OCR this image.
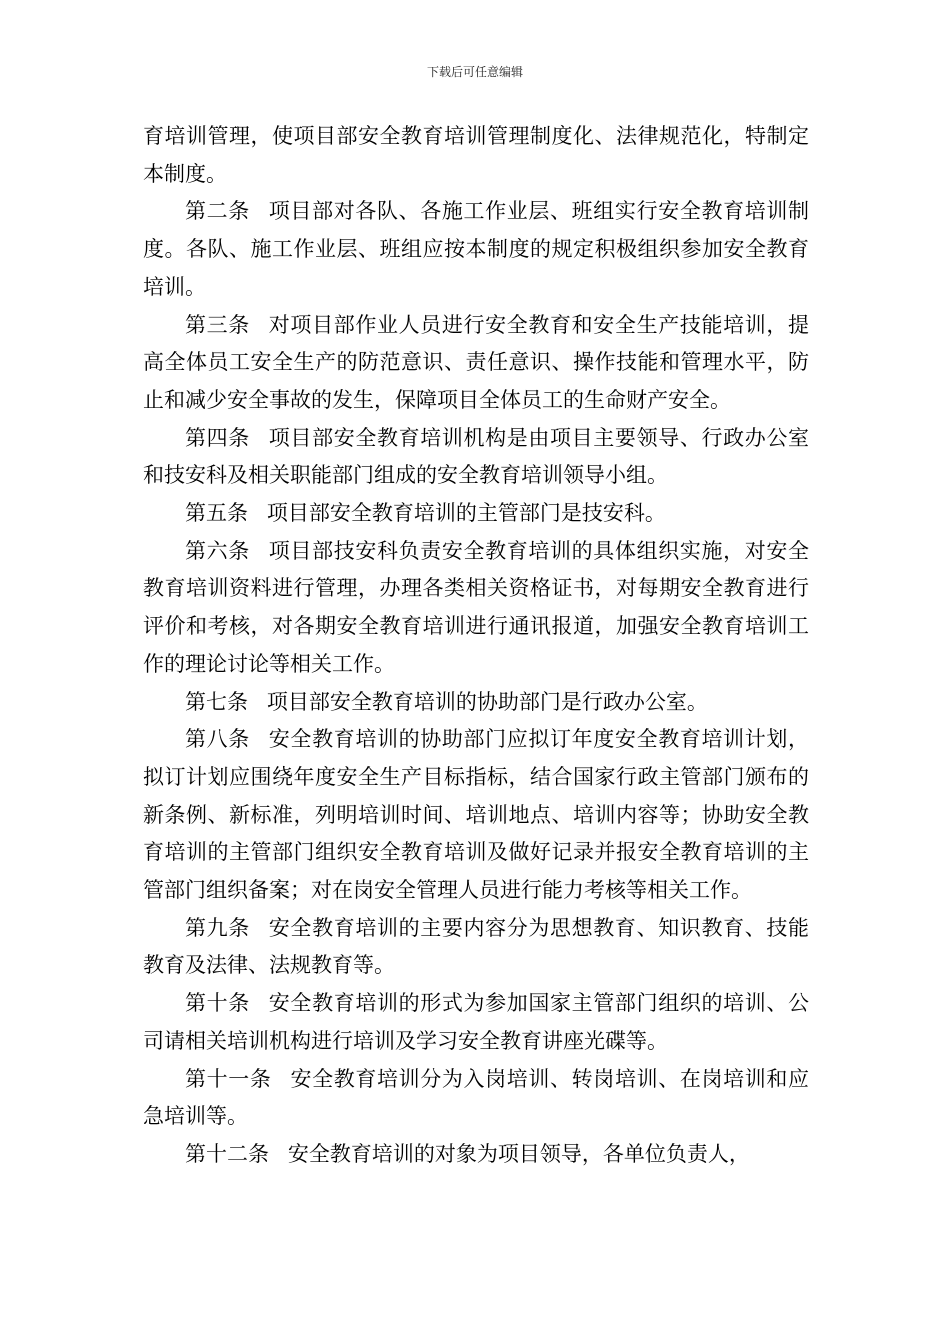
下载后可任意编辑

育培训管理，使项目部安全教育培训管理制度化、法律规范化，特制定本制度。

第二条 项目部对各队、各施工作业层、班组实行安全教育培训制度。各队、施工作业层、班组应按本制度的规定积极组织参加安全教育培训。

第三条 对项目部作业人员进行安全教育和安全生产技能培训，提高全体员工安全生产的防范意识、责任意识、操作技能和管理水平，防止和减少安全事故的发生，保障项目全体员工的生命财产安全。

第四条 项目部安全教育培训机构是由项目主要领导、行政办公室和技安科及相关职能部门组成的安全教育培训领导小组。

第五条 项目部安全教育培训的主管部门是技安科。

第六条 项目部技安科负责安全教育培训的具体组织实施，对安全教育培训资料进行管理，办理各类相关资格证书，对每期安全教育进行评价和考核，对各期安全教育培训进行通讯报道，加强安全教育培训工作的理论讨论等相关工作。

第七条 项目部安全教育培训的协助部门是行政办公室。

第八条 安全教育培训的协助部门应拟订年度安全教育培训计划，拟订计划应围绕年度安全生产目标指标，结合国家行政主管部门颁布的新条例、新标准，列明培训时间、培训地点、培训内容等；协助安全教育培训的主管部门组织安全教育培训及做好记录并报安全教育培训的主管部门组织备案；对在岗安全管理人员进行能力考核等相关工作。

第九条 安全教育培训的主要内容分为思想教育、知识教育、技能教育及法律、法规教育等。

第十条 安全教育培训的形式为参加国家主管部门组织的培训、公司请相关培训机构进行培训及学习安全教育讲座光碟等。

第十一条 安全教育培训分为入岗培训、转岗培训、在岗培训和应急培训等。

第十二条 安全教育培训的对象为项目领导，各单位负责人，
